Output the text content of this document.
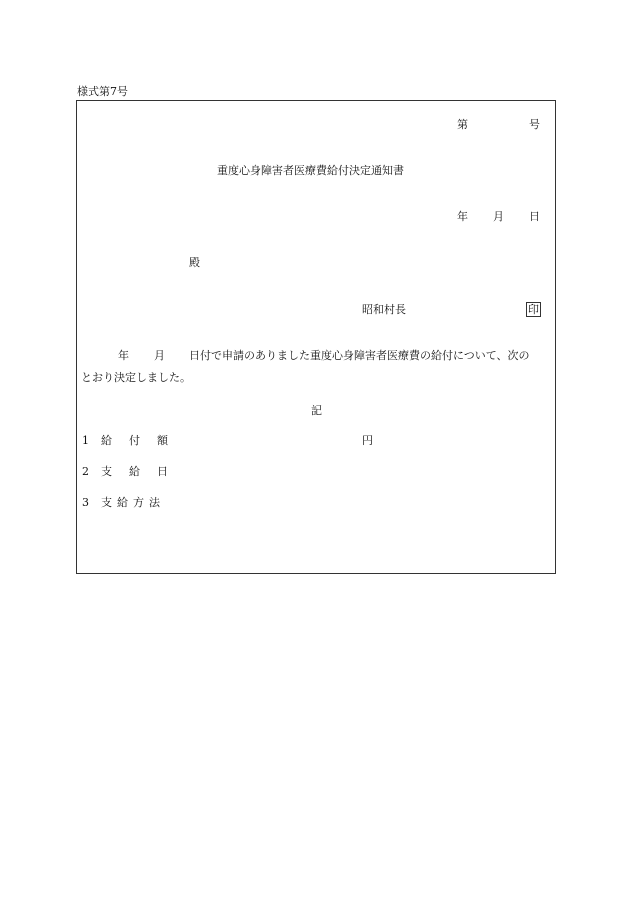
様式第7号
第	号
重度心身障害者医療費給付決定通知書
年 月 日
殿
昭和村長	印
年 月 日付で申請のありました重度心身障害者医療費の給付について、次の
とおり決定しました。
記
1 給 付 額	円
2 支 給 日
3 支 給 方 法
